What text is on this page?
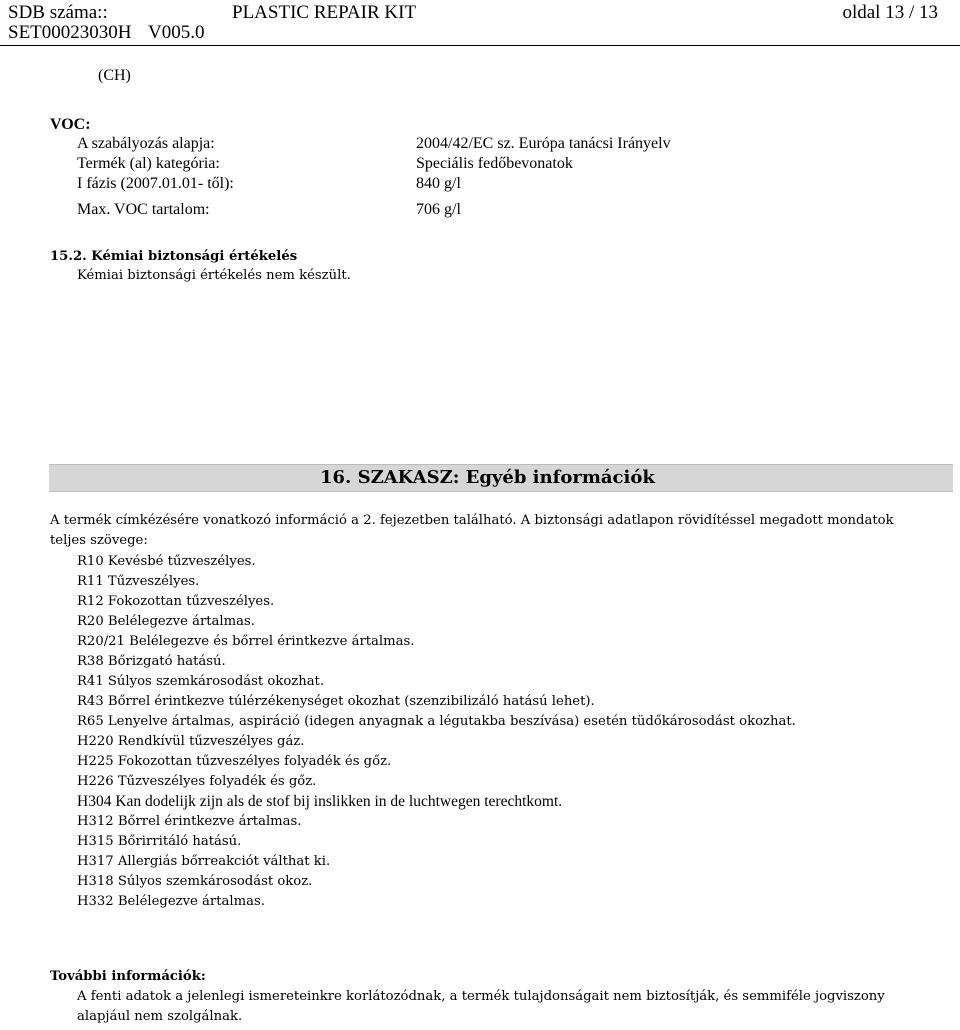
SDB száma::	PLASTIC REPAIR KIT	oldal 13 / 13
SET00023030H V005.0
(CH)
VOC:
A szabályozás alapja:	2004/42/EC sz. Európa tanácsi Irányelv
Termék (al) kategória:	Speciális fedőbevonatok
I fázis (2007.01.01- től):	840 g/l
Max. VOC tartalom:	706 g/l
15.2. Kémiai biztonsági értékelés
Kémiai biztonsági értékelés nem készült.
16. SZAKASZ: Egyéb információk
A termék címkézésére vonatkozó információ a 2. fejezetben található. A biztonsági adatlapon rövidítéssel megadott mondatok
teljes szövege:
R10 Kevésbé tűzveszélyes.
R11 Tűzveszélyes.
R12 Fokozottan tűzveszélyes.
R20 Belélegezve ártalmas.
R20/21 Belélegezve és bőrrel érintkezve ártalmas.
R38 Bőrizgató hatású.
R41 Súlyos szemkárosodást okozhat.
R43 Bőrrel érintkezve túlérzékenységet okozhat (szenzibilizáló hatású lehet).
R65 Lenyelve ártalmas, aspiráció (idegen anyagnak a légutakba beszívása) esetén tüdőkárosodást okozhat.
H220 Rendkívül tűzveszélyes gáz.
H225 Fokozottan tűzveszélyes folyadék és gőz.
H226 Tűzveszélyes folyadék és gőz.
H304 Kan dodelijk zijn als de stof bij inslikken in de luchtwegen terechtkomt.
H312 Bőrrel érintkezve ártalmas.
H315 Bőrirritáló hatású.
H317 Allergiás bőrreakciót válthat ki.
H318 Súlyos szemkárosodást okoz.
H332 Belélegezve ártalmas.
További információk:
A fenti adatok a jelenlegi ismereteinkre korlátozódnak, a termék tulajdonságait nem biztosítják, és semmiféle jogviszony
alapjául nem szolgálnak.
